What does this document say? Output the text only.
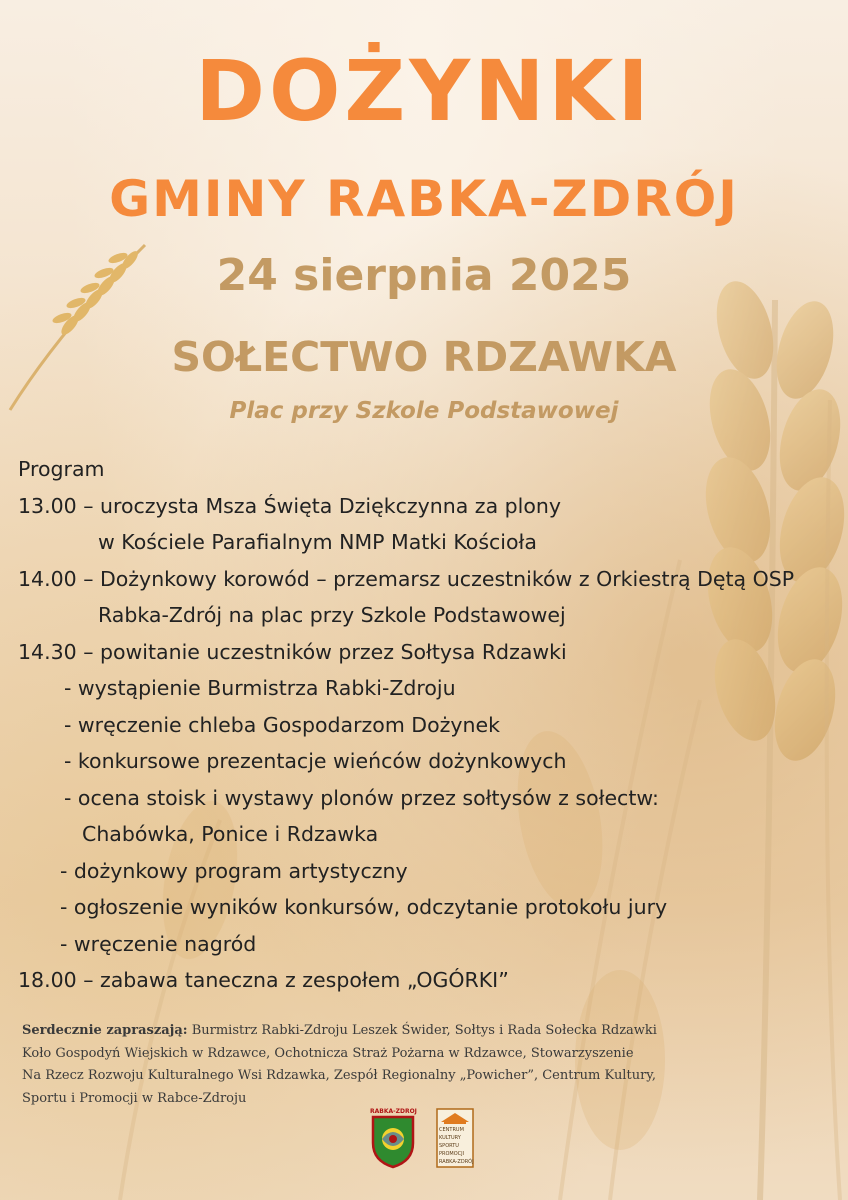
DOŻYNKI
GMINY RABKA-ZDRÓJ
24 sierpnia 2025
SOŁECTWO RDZAWKA
Plac przy Szkole Podstawowej
Program
13.00 – uroczysta Msza Święta Dziękczynna za plony
w Kościele Parafialnym NMP Matki Kościoła
14.00 – Dożynkowy korowód – przemarsz uczestników z Orkiestrą Dętą OSP
Rabka-Zdrój na plac przy Szkole Podstawowej
14.30 – powitanie uczestników przez Sołtysa Rdzawki
- wystąpienie Burmistrza Rabki-Zdroju
- wręczenie chleba Gospodarzom Dożynek
- konkursowe prezentacje wieńców dożynkowych
- ocena stoisk i wystawy plonów przez sołtysów z sołectw:
Chabówka, Ponice i Rdzawka
- dożynkowy program artystyczny
- ogłoszenie wyników konkursów, odczytanie protokołu jury
- wręczenie nagród
18.00 – zabawa taneczna z zespołem „OGÓRKI”
Serdecznie zapraszają: Burmistrz Rabki-Zdroju Leszek Świder, Sołtys i Rada Sołecka Rdzawki
Koło Gospodyń Wiejskich w Rdzawce, Ochotnicza Straż Pożarna w Rdzawce, Stowarzyszenie
Na Rzecz Rozwoju Kulturalnego Wsi Rdzawka, Zespół Regionalny „Powicher”, Centrum Kultury,
Sportu i Promocji w Rabce-Zdroju
RABKA-ZDRÓJ
CENTRUM
KULTURY
SPORTU
PROMOCJI
RABKA-ZDRÓJ
